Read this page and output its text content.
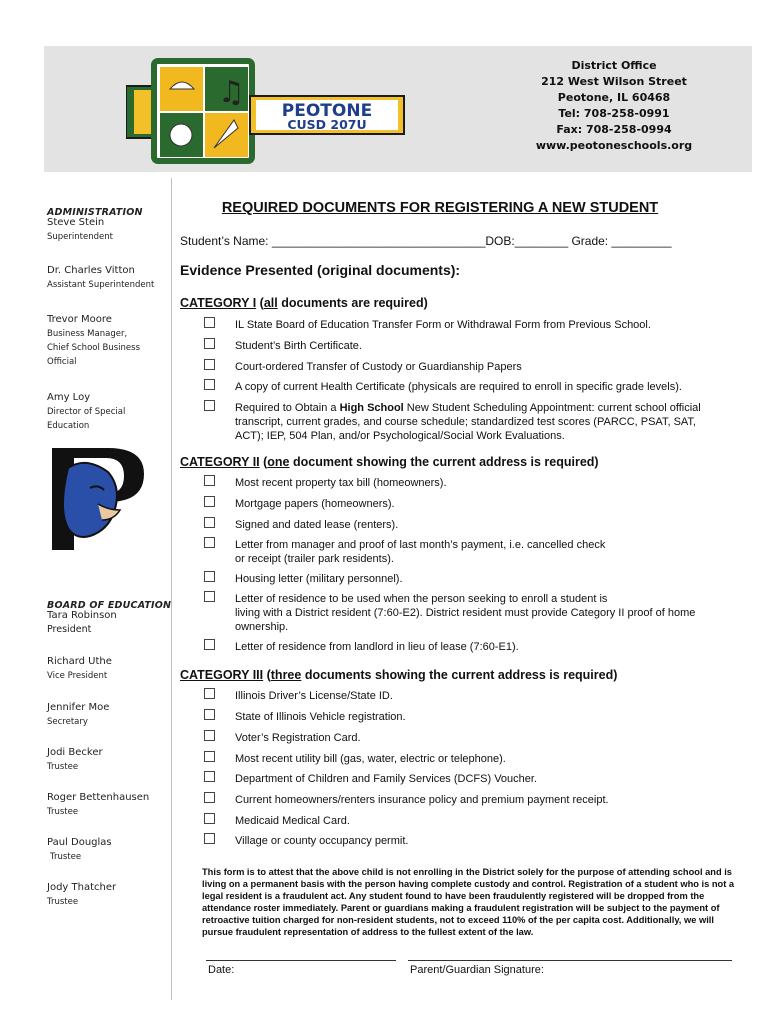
♫
PEOTONE
CUSD 207U
District Office
212 West Wilson Street
Peotone, IL 60468
Tel: 708-258-0991
Fax: 708-258-0994
www.peotoneschools.org
ADMINISTRATION
Steve Stein
Superintendent
Dr. Charles Vitton
Assistant Superintendent
Trevor Moore
Business Manager,
Chief School Business
Official
Amy Loy
Director of Special
Education
BOARD OF EDUCATION
Tara Robinson
President
Richard Uthe
Vice President
Jennifer Moe
Secretary
Jodi Becker
Trustee
Roger Bettenhausen
Trustee
Paul Douglas
Trustee
Jody Thatcher
Trustee
REQUIRED DOCUMENTS FOR REGISTERING A NEW STUDENT
Student’s Name: ________________________________DOB:________ Grade: _________
Evidence Presented (original documents):
CATEGORY I (all documents are required)
IL State Board of Education Transfer Form or Withdrawal Form from Previous School.
Student’s Birth Certificate.
Court-ordered Transfer of Custody or Guardianship Papers
A copy of current Health Certificate (physicals are required to enroll in specific grade levels).
Required to Obtain a High School New Student Scheduling Appointment: current school official transcript, current grades, and course schedule; standardized test scores (PARCC, PSAT, SAT, ACT); IEP, 504 Plan, and/or Psychological/Social Work Evaluations.
CATEGORY II (one document showing the current address is required)
Most recent property tax bill (homeowners).
Mortgage papers (homeowners).
Signed and dated lease (renters).
Letter from manager and proof of last month’s payment, i.e. cancelled check
or receipt (trailer park residents).
Housing letter (military personnel).
Letter of residence to be used when the person seeking to enroll a student is
living with a District resident (7:60-E2). District resident must provide Category II proof of home
ownership.
Letter of residence from landlord in lieu of lease (7:60-E1).
CATEGORY III (three documents showing the current address is required)
Illinois Driver’s License/State ID.
State of Illinois Vehicle registration.
Voter’s Registration Card.
Most recent utility bill (gas, water, electric or telephone).
Department of Children and Family Services (DCFS) Voucher.
Current homeowners/renters insurance policy and premium payment receipt.
Medicaid Medical Card.
Village or county occupancy permit.
This form is to attest that the above child is not enrolling in the District solely for the purpose of attending school and is living on a permanent basis with the person having complete custody and control. Registration of a student who is not a legal resident is a fraudulent act. Any student found to have been fraudulently registered will be dropped from the attendance roster immediately. Parent or guardians making a fraudulent registration will be subject to the payment of retroactive tuition charged for non-resident students, not to exceed 110% of the per capita cost. Additionally, we will pursue fraudulent representation of address to the fullest extent of the law.
Date:	Parent/Guardian Signature:
